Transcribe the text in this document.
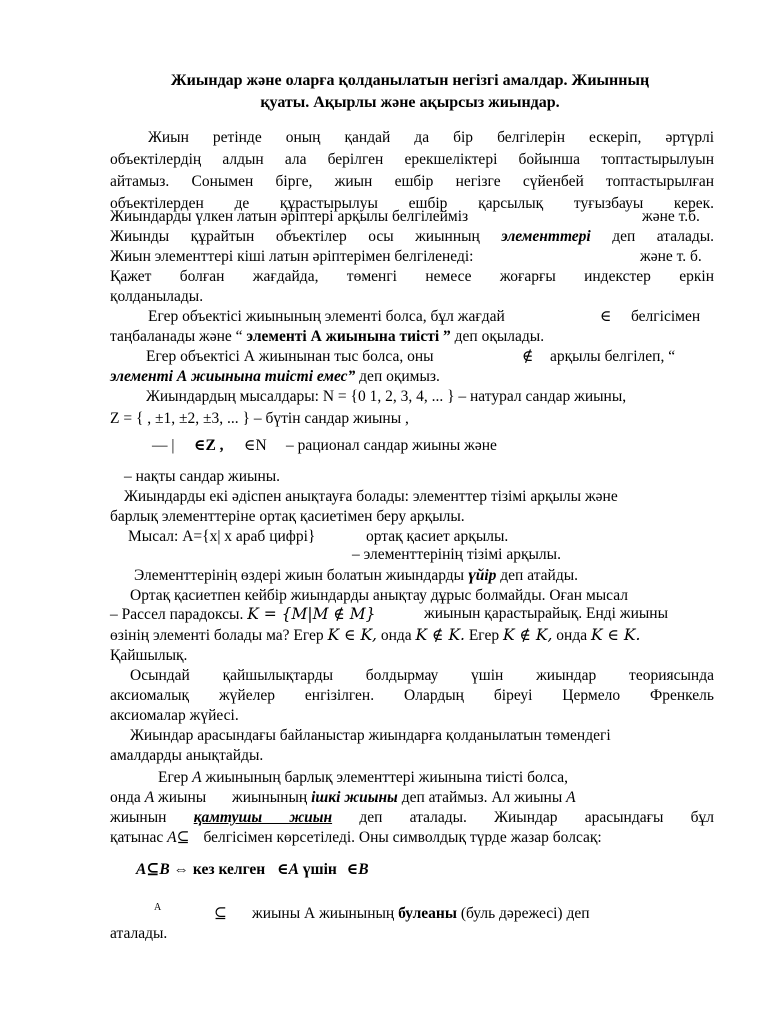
Жиындар және оларға қолданылатын негізгі амалдар. Жиынның
қуаты. Ақырлы және ақырсыз жиындар.
Жиын ретінде оның қандай да бір белгілерін ескеріп, әртүрлі
объектілердің алдын ала берілген ерекшеліктері бойынша топтастырылуын
айтамыз. Сонымен бірге, жиын ешбір негізге сүйенбей топтастырылған
объектілерден де құрастырылуы ешбір қарсылық туғызбауы керек.
Жиындарды үлкен латын әріптері арқылы белгілейміз	және т.б.
Жиынды құрайтын объектілер осы жиынның элементтері деп аталады.
Жиын элементтері кіші латын әріптерімен белгіленеді:	және т. б.
Қажет болған жағдайда, төменгі немесе жоғарғы индекстер еркін
қолданылады.
Егер объектісі жиынының элементі болса, бұл жағдай	∈ белгісімен
таңбаланады және “ элементі А жиынына тиісті ” деп оқылады.
Егер объектісі А жиынынан тыс болса, оны	∉ арқылы белгілеп, “
элементі А жиынына тиісті емес” деп оқимыз.
Жиындардың мысалдары: N = {0 1, 2, 3, 4, ... } – натурал сандар жиыны,
Z = { , ±1, ±2, ±3, ... } – бүтін сандар жиыны ,
— | ∈Z , ∈N – рационал сандар жиыны және
– нақты сандар жиыны.
Жиындарды екі әдіспен анықтауға болады: элементтер тізімі арқылы және
барлық элементтеріне ортақ қасиетімен беру арқылы.
Мысал: A={x| x араб цифрі}	ортақ қасиет арқылы.
– элементтерінің тізімі арқылы.
Элементтерінің өздері жиын болатын жиындарды үйір деп атайды.
Ортақ қасиетпен кейбір жиындарды анықтау дұрыс болмайды. Оған мысал
– Рассел парадоксы. K = {M|M ∉ M}	жиынын қарастырайық. Енді жиыны
өзінің элементі болады ма? Егер K ∈ K, онда K ∉ K. Егер K ∉ K, онда K ∈ K.
Қайшылық.
Осындай қайшылықтарды болдырмау үшін жиындар теориясында
аксиомалық жүйелер енгізілген. Олардың біреуі Цермело Френкель
аксиомалар жүйесі.
Жиындар арасындағы байланыстар жиындарға қолданылатын төмендегі
амалдарды анықтайды.
Егер A жиынының барлық элементтері жиынына тиісті болса,
онда A жиыны жиынының ішкі жиыны деп атаймыз. Ал жиыны A
жиынын қамтушы жиын деп аталады. Жиындар арасындағы бұл
қатынас A⊆ белгісімен көрсетіледі. Оны символдық түрде жазар болсақ:
A⊆B ⇔ кез келген ∈A үшін ∈B
A	⊆ жиыны А жиынының булеаны (буль дәрежесі) деп
аталады.
